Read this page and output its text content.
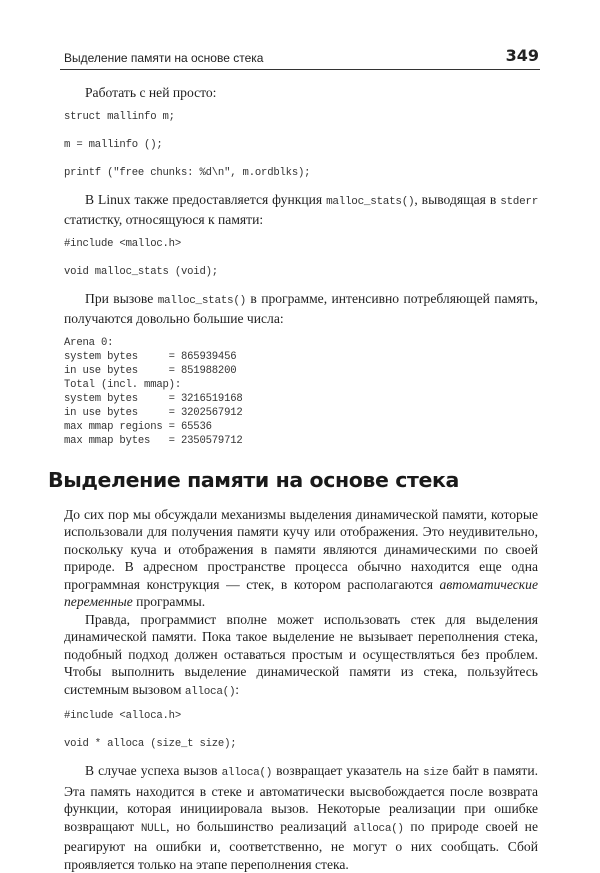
Выделение памяти на основе стека	349

Работать с ней просто:

struct mallinfo m;

m = mallinfo ();

printf ("free chunks: %d\n", m.ordblks);

В Linux также предоставляется функция malloc_stats(), выводящая в stderr статистку, относящуюся к памяти:

#include <malloc.h>

void malloc_stats (void);

При вызове malloc_stats() в программе, интенсивно потребляющей память, получаются довольно большие числа:

Arena 0:
system bytes     = 865939456
in use bytes     = 851988200
Total (incl. mmap):
system bytes     = 3216519168
in use bytes     = 3202567912
max mmap regions = 65536
max mmap bytes   = 2350579712
Выделение памяти на основе стека

До сих пор мы обсуждали механизмы выделения динамической памяти, которые использовали для получения памяти кучу или отображения. Это неудивительно, поскольку куча и отображения в памяти являются динамическими по своей природе. В адресном пространстве процесса обычно находится еще одна программная конструкция — стек, в котором располагаются автоматические переменные программы.

Правда, программист вполне может использовать стек для выделения динамической памяти. Пока такое выделение не вызывает переполнения стека, подобный подход должен оставаться простым и осуществляться без проблем. Чтобы выполнить выделение динамической памяти из стека, пользуйтесь системным вызовом alloca():

#include <alloca.h>

void * alloca (size_t size);

В случае успеха вызов alloca() возвращает указатель на size байт в памяти. Эта память находится в стеке и автоматически высвобождается после возврата функции, которая инициировала вызов. Некоторые реализации при ошибке возвращают NULL, но большинство реализаций alloca() по природе своей не реагируют на ошибки и, соответственно, не могут о них сообщать. Сбой проявляется только на этапе переполнения стека.
